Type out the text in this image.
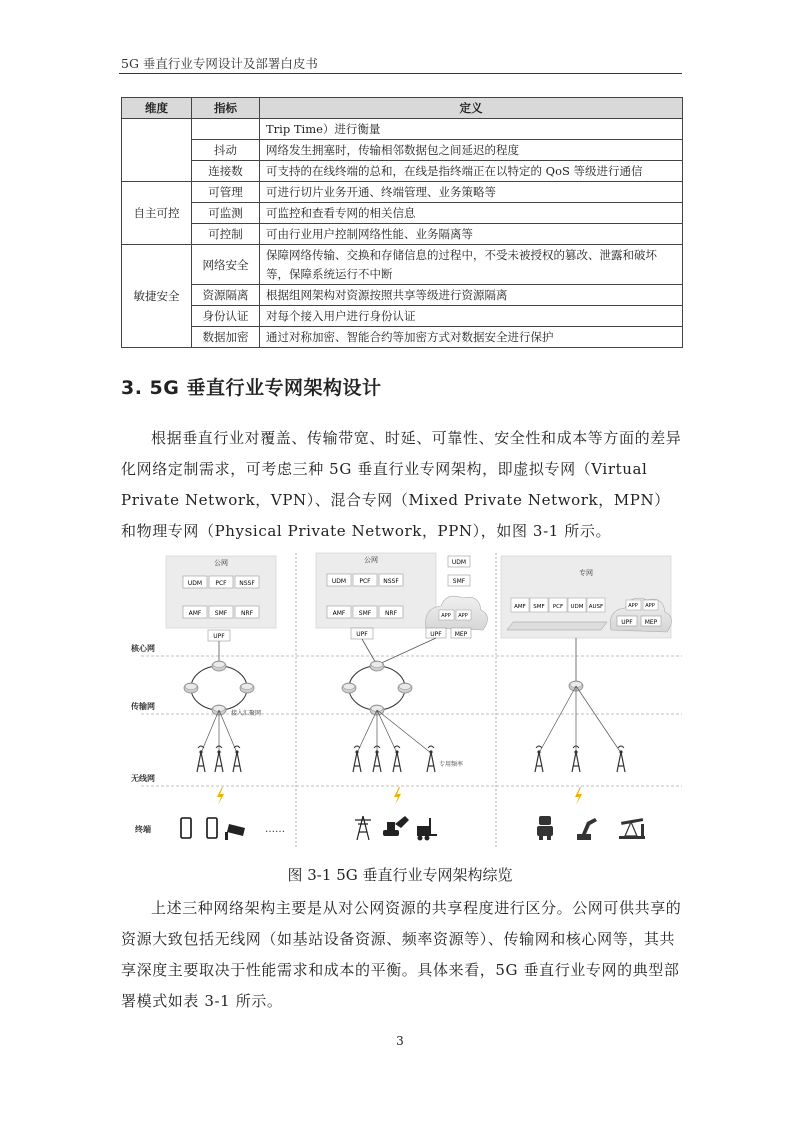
5G 垂直行业专网设计及部署白皮书
维度	指标	定义
		Trip Time）进行衡量
	抖动	网络发生拥塞时，传输相邻数据包之间延迟的程度
	连接数	可支持的在线终端的总和，在线是指终端正在以特定的 QoS 等级进行通信
自主可控	可管理	可进行切片业务开通、终端管理、业务策略等
	可监测	可监控和查看专网的相关信息
	可控制	可由行业用户控制网络性能、业务隔离等
敏捷安全	网络安全	保障网络传输、交换和存储信息的过程中，不受未被授权的篡改、泄露和破坏等，保障系统运行不中断
	资源隔离	根据组网架构对资源按照共享等级进行资源隔离
	身份认证	对每个接入用户进行身份认证
	数据加密	通过对称加密、智能合约等加密方式对数据安全进行保护
3. 5G 垂直行业专网架构设计

根据垂直行业对覆盖、传输带宽、时延、可靠性、安全性和成本等方面的差异化网络定制需求，可考虑三种 5G 垂直行业专网架构，即虚拟专网（Virtual Private Network，VPN）、混合专网（Mixed Private Network，MPN）和物理专网（Physical Private Network，PPN），如图 3-1 所示。

核心网
传输网
无线网
终端
公网
UDM PCF NSSF
AMF SMF NRF
UPF
接入汇聚网
……
公网
UDM PCF NSSF
AMF SMF NRF
UDM
SMF
APP APP
UPF MEP
UPF
专用频率
专网
AMF SMF PCF UDM AUSF	APP APP
UPF MEP
图 3-1 5G 垂直行业专网架构综览

上述三种网络架构主要是从对公网资源的共享程度进行区分。公网可供共享的资源大致包括无线网（如基站设备资源、频率资源等）、传输网和核心网等，其共享深度主要取决于性能需求和成本的平衡。具体来看，5G 垂直行业专网的典型部署模式如表 3-1 所示。

3
